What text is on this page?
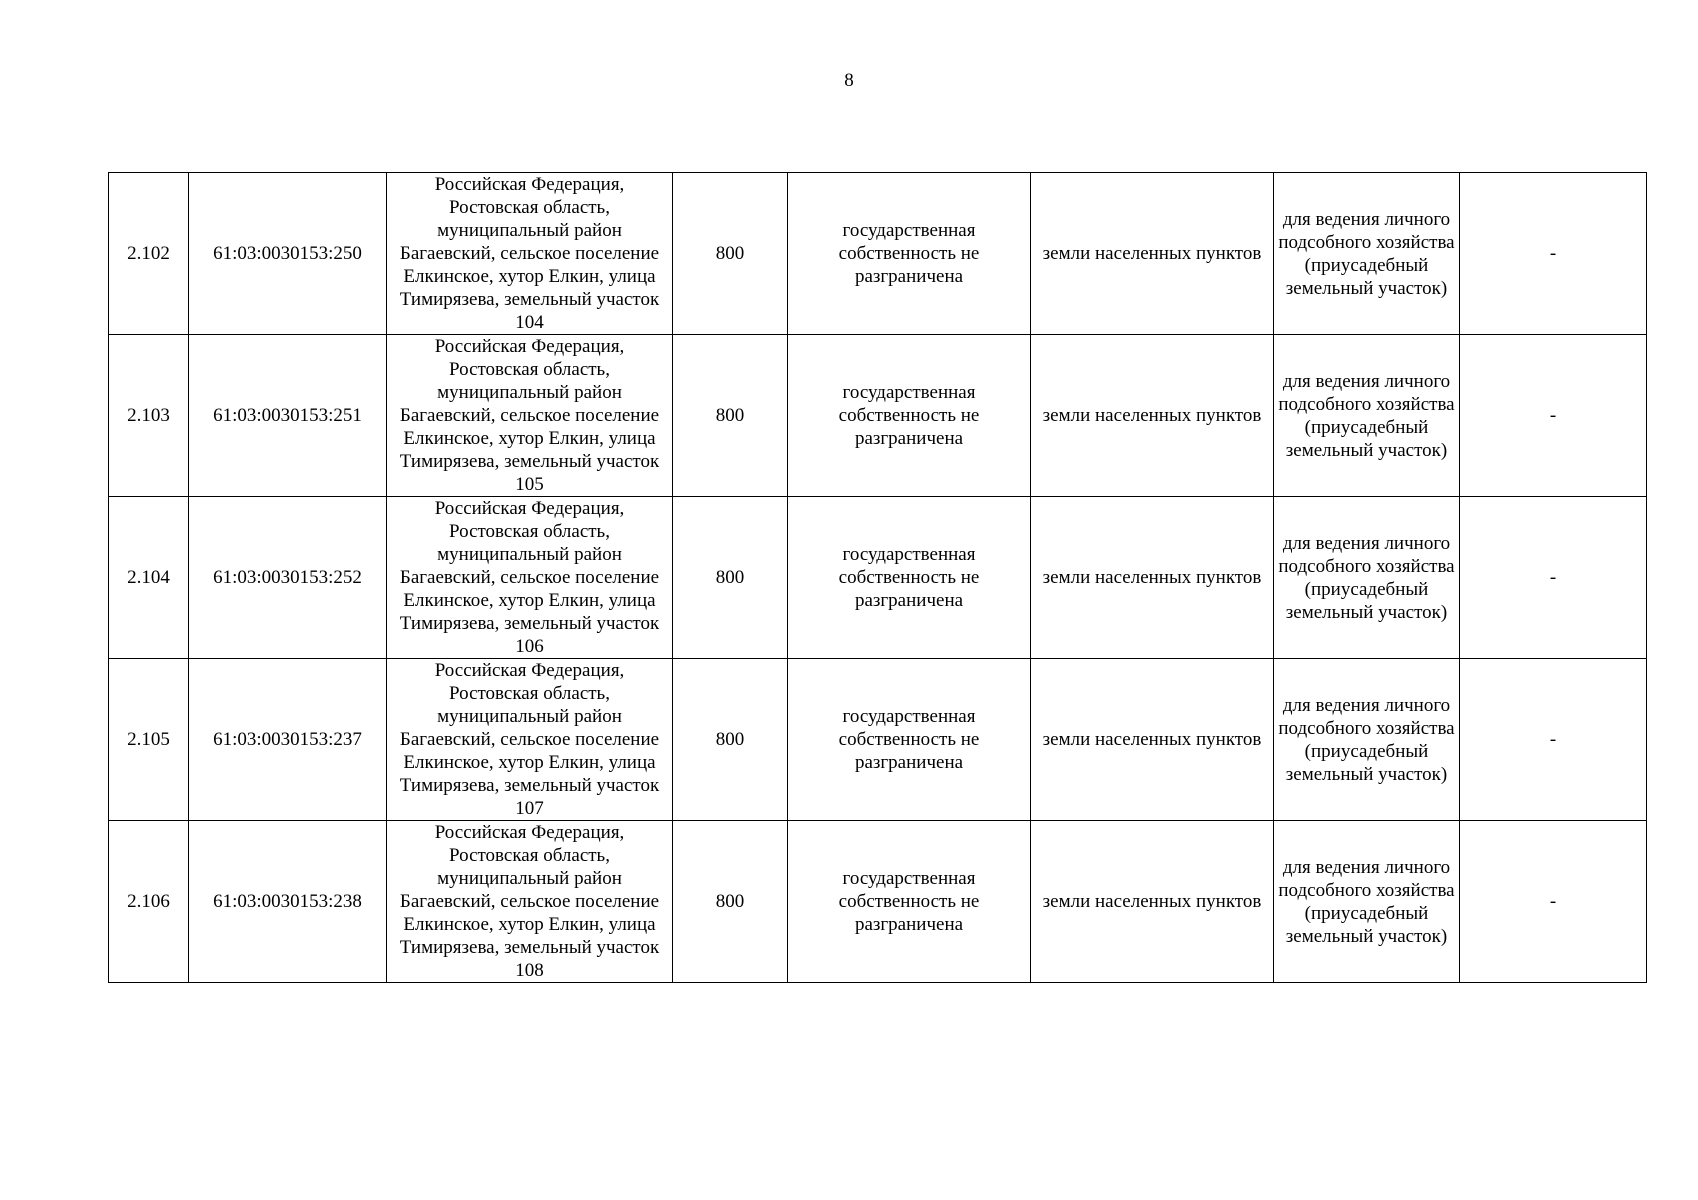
8
2.102	61:03:0030153:250	Российская Федерация, Ростовская область, муниципальный район Багаевский, сельское поселение Елкинское, хутор Елкин, улица Тимирязева, земельный участок 104	800	государственная собственность не разграничена	земли населенных пунктов	для ведения личного подсобного хозяйства (приусадебный земельный участок)	-
2.103	61:03:0030153:251	Российская Федерация, Ростовская область, муниципальный район Багаевский, сельское поселение Елкинское, хутор Елкин, улица Тимирязева, земельный участок 105	800	государственная собственность не разграничена	земли населенных пунктов	для ведения личного подсобного хозяйства (приусадебный земельный участок)	-
2.104	61:03:0030153:252	Российская Федерация, Ростовская область, муниципальный район Багаевский, сельское поселение Елкинское, хутор Елкин, улица Тимирязева, земельный участок 106	800	государственная собственность не разграничена	земли населенных пунктов	для ведения личного подсобного хозяйства (приусадебный земельный участок)	-
2.105	61:03:0030153:237	Российская Федерация, Ростовская область, муниципальный район Багаевский, сельское поселение Елкинское, хутор Елкин, улица Тимирязева, земельный участок 107	800	государственная собственность не разграничена	земли населенных пунктов	для ведения личного подсобного хозяйства (приусадебный земельный участок)	-
2.106	61:03:0030153:238	Российская Федерация, Ростовская область, муниципальный район Багаевский, сельское поселение Елкинское, хутор Елкин, улица Тимирязева, земельный участок 108	800	государственная собственность не разграничена	земли населенных пунктов	для ведения личного подсобного хозяйства (приусадебный земельный участок)	-
